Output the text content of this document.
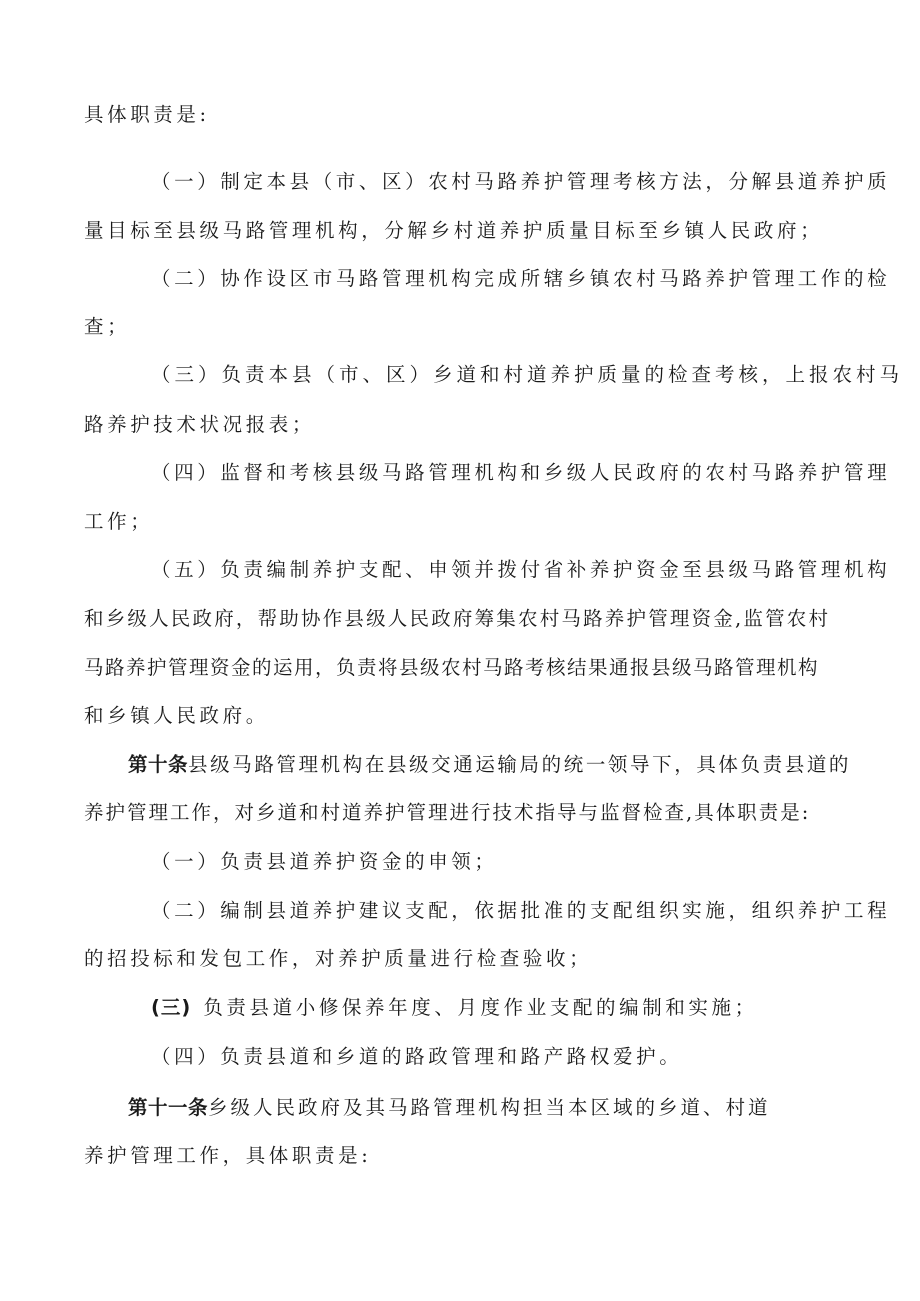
具体职责是:
（一）制定本县（市、区）农村马路养护管理考核方法，分解县道养护质
量目标至县级马路管理机构，分解乡村道养护质量目标至乡镇人民政府；
（二）协作设区市马路管理机构完成所辖乡镇农村马路养护管理工作的检
查；
（三）负责本县（市、区）乡道和村道养护质量的检查考核，上报农村马
路养护技术状况报表；
（四）监督和考核县级马路管理机构和乡级人民政府的农村马路养护管理
工作；
（五）负责编制养护支配、申领并拨付省补养护资金至县级马路管理机构
和乡级人民政府，帮助协作县级人民政府筹集农村马路养护管理资金,监管农村
马路养护管理资金的运用，负责将县级农村马路考核结果通报县级马路管理机构
和乡镇人民政府。
第十条县级马路管理机构在县级交通运输局的统一领导下，具体负责县道的
养护管理工作，对乡道和村道养护管理进行技术指导与监督检查,具体职责是:
（一）负责县道养护资金的申领；
（二）编制县道养护建议支配，依据批准的支配组织实施，组织养护工程
的招投标和发包工作，对养护质量进行检查验收；
(三) 负责县道小修保养年度、月度作业支配的编制和实施；
（四）负责县道和乡道的路政管理和路产路权爱护。
第十一条乡级人民政府及其马路管理机构担当本区域的乡道、村道
养护管理工作，具体职责是:
